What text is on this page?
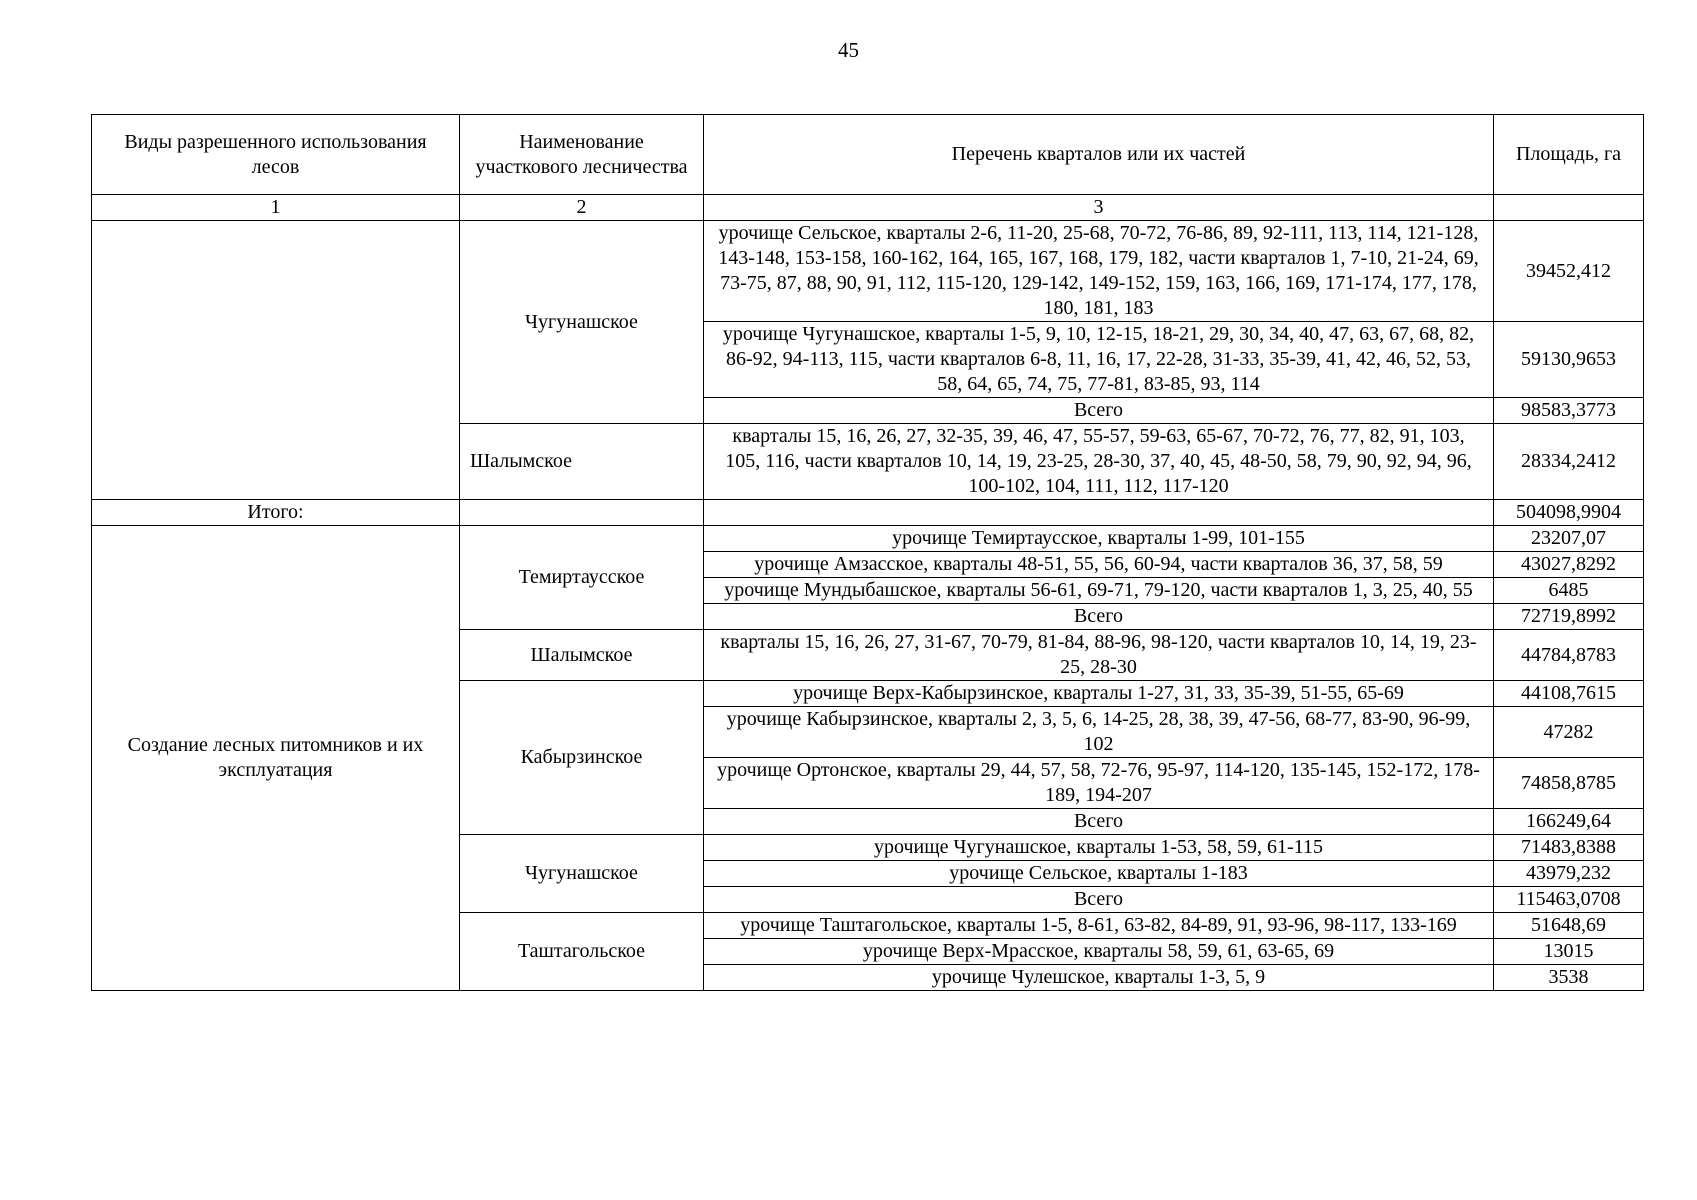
45
Виды разрешенного использования лесов	Наименование участкового лесничества	Перечень кварталов или их частей	Площадь, га
1	2	3	
	Чугунашское	урочище Сельское, кварталы 2-6, 11-20, 25-68, 70-72, 76-86, 89, 92-111, 113, 114, 121-128, 143-148, 153-158, 160-162, 164, 165, 167, 168, 179, 182, части кварталов 1, 7-10, 21-24, 69, 73-75, 87, 88, 90, 91, 112, 115-120, 129-142, 149-152, 159, 163, 166, 169, 171-174, 177, 178, 180, 181, 183	39452,412
		урочище Чугунашское, кварталы 1-5, 9, 10, 12-15, 18-21, 29, 30, 34, 40, 47, 63, 67, 68, 82, 86-92, 94-113, 115, части кварталов 6-8, 11, 16, 17, 22-28, 31-33, 35-39, 41, 42, 46, 52, 53, 58, 64, 65, 74, 75, 77-81, 83-85, 93, 114	59130,9653
		Всего	98583,3773
	Шалымское	кварталы 15, 16, 26, 27, 32-35, 39, 46, 47, 55-57, 59-63, 65-67, 70-72, 76, 77, 82, 91, 103, 105, 116, части кварталов 10, 14, 19, 23-25, 28-30, 37, 40, 45, 48-50, 58, 79, 90, 92, 94, 96, 100-102, 104, 111, 112, 117-120	28334,2412
Итого:			504098,9904
Создание лесных питомников и их эксплуатация	Темиртаусское	урочище Темиртаусское, кварталы 1-99, 101-155	23207,07
		урочище Амзасское, кварталы 48-51, 55, 56, 60-94, части кварталов 36, 37, 58, 59	43027,8292
		урочище Мундыбашское, кварталы 56-61, 69-71, 79-120, части кварталов 1, 3, 25, 40, 55	6485
		Всего	72719,8992
	Шалымское	кварталы 15, 16, 26, 27, 31-67, 70-79, 81-84, 88-96, 98-120, части кварталов 10, 14, 19, 23-25, 28-30	44784,8783
	Кабырзинское	урочище Верх-Кабырзинское, кварталы 1-27, 31, 33, 35-39, 51-55, 65-69	44108,7615
		урочище Кабырзинское, кварталы 2, 3, 5, 6, 14-25, 28, 38, 39, 47-56, 68-77, 83-90, 96-99, 102	47282
		урочище Ортонское, кварталы 29, 44, 57, 58, 72-76, 95-97, 114-120, 135-145, 152-172, 178-189, 194-207	74858,8785
		Всего	166249,64
	Чугунашское	урочище Чугунашское, кварталы 1-53, 58, 59, 61-115	71483,8388
		урочище Сельское, кварталы 1-183	43979,232
		Всего	115463,0708
	Таштагольское	урочище Таштагольское, кварталы 1-5, 8-61, 63-82, 84-89, 91, 93-96, 98-117, 133-169	51648,69
		урочище Верх-Мрасское, кварталы 58, 59, 61, 63-65, 69	13015
		урочище Чулешское, кварталы 1-3, 5, 9	3538
